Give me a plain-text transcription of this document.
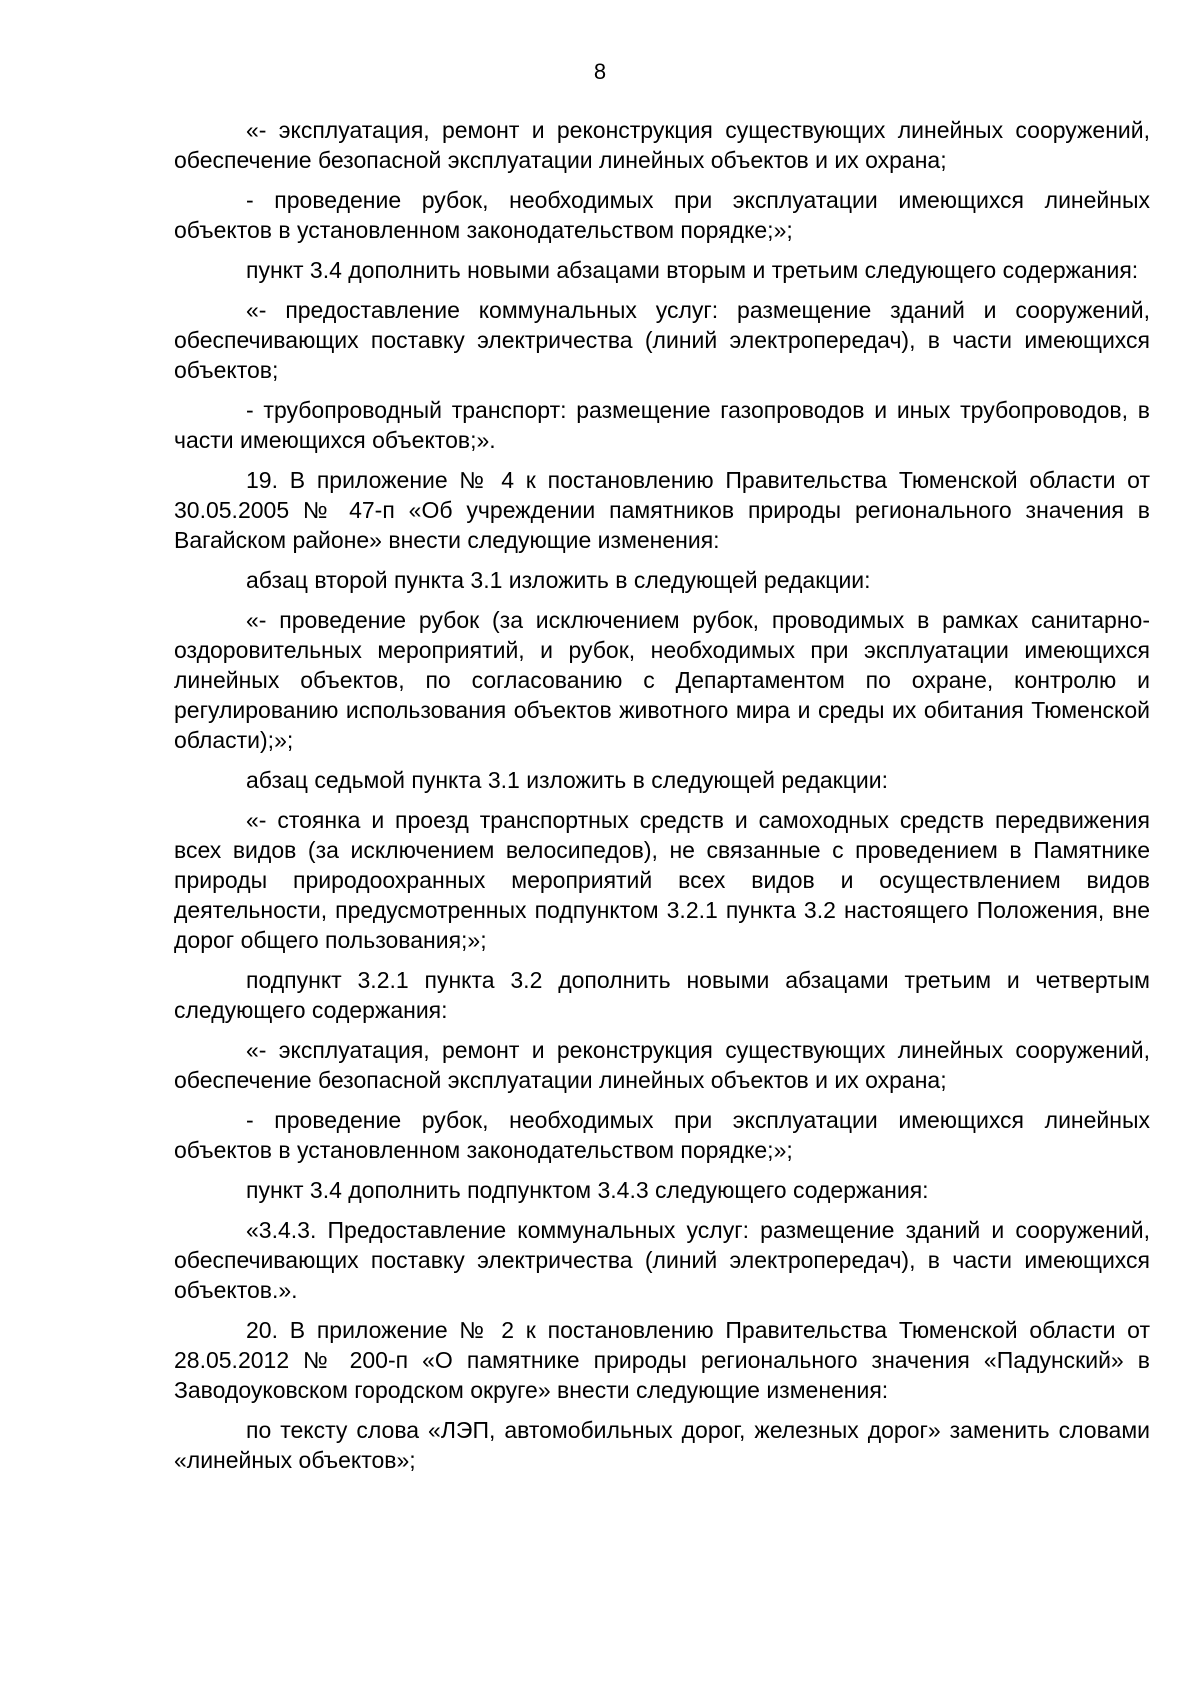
8

«- эксплуатация, ремонт и реконструкция существующих линейных сооружений, обеспечение безопасной эксплуатации линейных объектов и их охрана;

- проведение рубок, необходимых при эксплуатации имеющихся линейных объектов в установленном законодательством порядке;»;

пункт 3.4 дополнить новыми абзацами вторым и третьим следующего содержания:

«- предоставление коммунальных услуг: размещение зданий и сооружений, обеспечивающих поставку электричества (линий электропередач), в части имеющихся объектов;

- трубопроводный транспорт: размещение газопроводов и иных трубопроводов, в части имеющихся объектов;».

19. В приложение № 4 к постановлению Правительства Тюменской области от 30.05.2005 № 47-п «Об учреждении памятников природы регионального значения в Вагайском районе» внести следующие изменения:

абзац второй пункта 3.1 изложить в следующей редакции:

«- проведение рубок (за исключением рубок, проводимых в рамках санитарно-оздоровительных мероприятий, и рубок, необходимых при эксплуатации имеющихся линейных объектов, по согласованию с Департаментом по охране, контролю и регулированию использования объектов животного мира и среды их обитания Тюменской области);»;

абзац седьмой пункта 3.1 изложить в следующей редакции:

«- стоянка и проезд транспортных средств и самоходных средств передвижения всех видов (за исключением велосипедов), не связанные с проведением в Памятнике природы природоохранных мероприятий всех видов и осуществлением видов деятельности, предусмотренных подпунктом 3.2.1 пункта 3.2 настоящего Положения, вне дорог общего пользования;»;

подпункт 3.2.1 пункта 3.2 дополнить новыми абзацами третьим и четвертым следующего содержания:

«- эксплуатация, ремонт и реконструкция существующих линейных сооружений, обеспечение безопасной эксплуатации линейных объектов и их охрана;

- проведение рубок, необходимых при эксплуатации имеющихся линейных объектов в установленном законодательством порядке;»;

пункт 3.4 дополнить подпунктом 3.4.3 следующего содержания:

«3.4.3. Предоставление коммунальных услуг: размещение зданий и сооружений, обеспечивающих поставку электричества (линий электропередач), в части имеющихся объектов.».

20. В приложение № 2 к постановлению Правительства Тюменской области от 28.05.2012 № 200-п «О памятнике природы регионального значения «Падунский» в Заводоуковском городском округе» внести следующие изменения:

по тексту слова «ЛЭП, автомобильных дорог, железных дорог» заменить словами «линейных объектов»;
